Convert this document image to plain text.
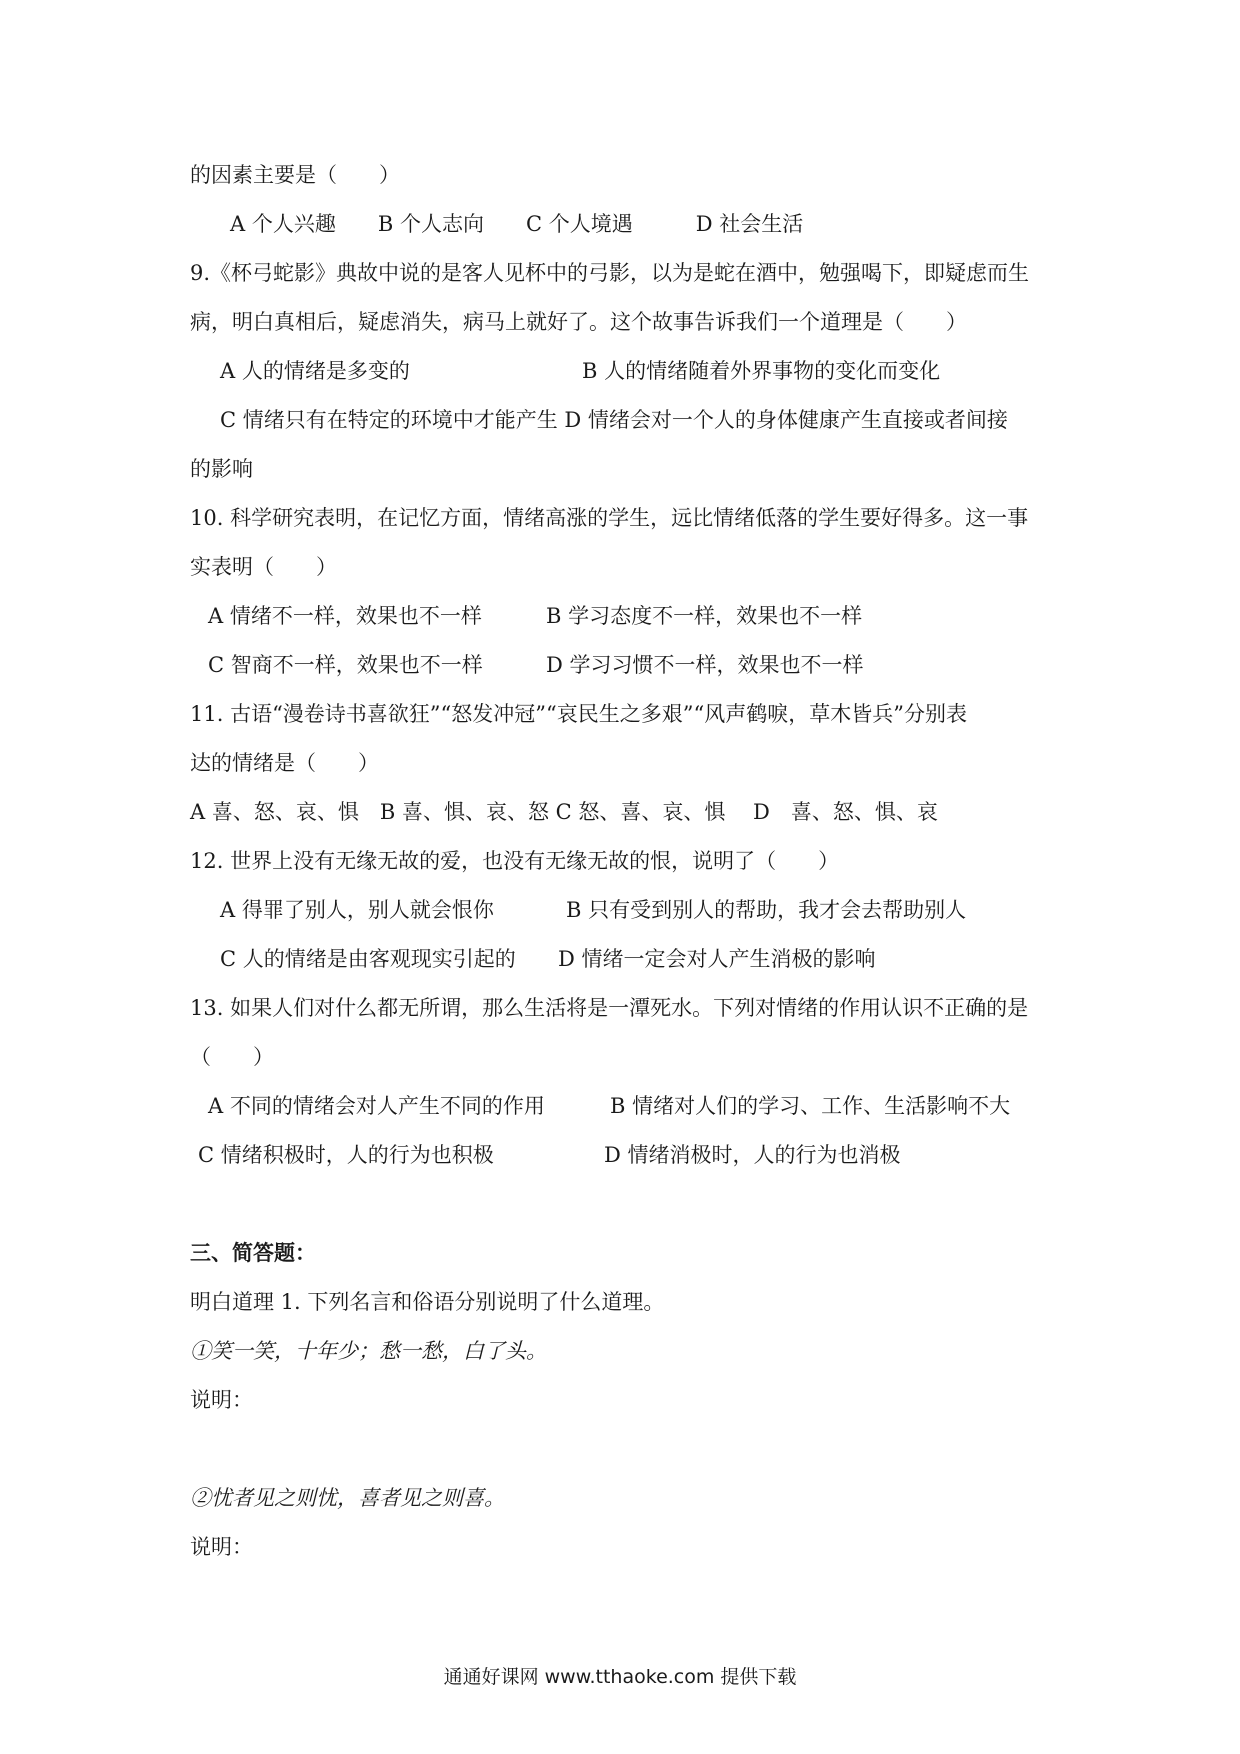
的因素主要是（　　）
A 个人兴趣　　B 个人志向　　C 个人境遇　　　D 社会生活
9.《杯弓蛇影》典故中说的是客人见杯中的弓影，以为是蛇在酒中，勉强喝下，即疑虑而生
病，明白真相后，疑虑消失，病马上就好了。这个故事告诉我们一个道理是（　　）
A 人的情绪是多变的	B 人的情绪随着外界事物的变化而变化
C 情绪只有在特定的环境中才能产生 D 情绪会对一个人的身体健康产生直接或者间接
的影响
10. 科学研究表明，在记忆方面，情绪高涨的学生，远比情绪低落的学生要好得多。这一事
实表明（　　）
A 情绪不一样，效果也不一样	B 学习态度不一样，效果也不一样
C 智商不一样，效果也不一样	D 学习习惯不一样，效果也不一样
11. 古语“漫卷诗书喜欲狂”“怒发冲冠”“哀民生之多艰”“风声鹤唳，草木皆兵”分别表
达的情绪是（　　）
A 喜、怒、哀、惧　B 喜、惧、哀、怒 C 怒、喜、哀、惧　 D　喜、怒、惧、哀
12. 世界上没有无缘无故的爱，也没有无缘无故的恨，说明了（　　）
A 得罪了别人，别人就会恨你	B 只有受到别人的帮助，我才会去帮助别人
C 人的情绪是由客观现实引起的 D 情绪一定会对人产生消极的影响
13. 如果人们对什么都无所谓，那么生活将是一潭死水。下列对情绪的作用认识不正确的是
（　　）
A 不同的情绪会对人产生不同的作用	B 情绪对人们的学习、工作、生活影响不大
C 情绪积极时，人的行为也积极	D 情绪消极时，人的行为也消极
三、简答题：
明白道理 1. 下列名言和俗语分别说明了什么道理。
①笑一笑，十年少；愁一愁，白了头。
说明：
②忧者见之则忧，喜者见之则喜。
说明：
通通好课网 www.tthaoke.com 提供下载
